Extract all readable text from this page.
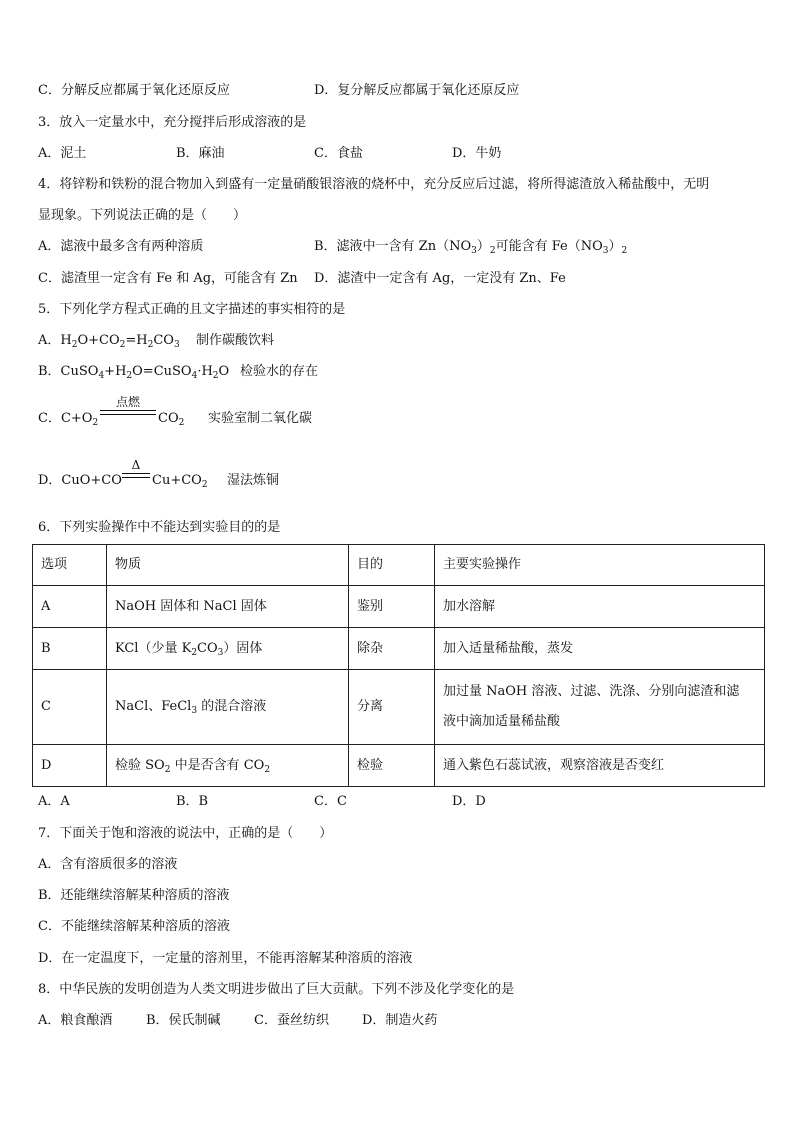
C．分解反应都属于氧化还原反应	D．复分解反应都属于氧化还原反应
3．放入一定量水中，充分搅拌后形成溶液的是
A．泥土	B．麻油	C．食盐	D．牛奶
4．将锌粉和铁粉的混合物加入到盛有一定量硝酸银溶液的烧杯中，充分反应后过滤，将所得滤渣放入稀盐酸中，无明
显现象。下列说法正确的是（　　）
A．滤液中最多含有两种溶质	B．滤液中一含有 $Zn(NO_3)_2$可能含有 $Fe(NO_3)_2$
C．滤渣里一定含有 Fe 和 Ag，可能含有 Zn D．滤渣中一定含有 Ag，一定没有 Zn、Fe
5．下列化学方程式正确的且文字描述的事实相符的是
A．$H_2O+CO_2=H_2CO_3$ 制作碳酸饮料
B．$CuSO_4+H_2O=CuSO_4\cdot H_2O$ 检验水的存在
C．$C+O_2$
点燃
$CO_2$ 实验室制二氧化碳
D．CuO+CO
Δ
$Cu+CO_2$ 湿法炼铜
6．下列实验操作中不能达到实验目的的是
选项	物质	目的	主要实验操作
A	NaOH 固体和 NaCl 固体	鉴别	加水溶解
B	KCl（少量 $K_2CO_3$）固体	除杂	加入适量稀盐酸，蒸发
C	NaCl、FeCl$_3$ 的混合溶液	分离	加过量 NaOH 溶液、过滤、洗涤、分别向滤渣和滤
液中滴加适量稀盐酸
D	检验 $SO_2$ 中是否含有 $CO_2$	检验	通入紫色石蕊试液，观察溶液是否变红
A．A	B．B	C．C	D．D
7．下面关于饱和溶液的说法中，正确的是（　　）
A．含有溶质很多的溶液
B．还能继续溶解某种溶质的溶液
C．不能继续溶解某种溶质的溶液
D．在一定温度下，一定量的溶剂里，不能再溶解某种溶质的溶液
8．中华民族的发明创造为人类文明进步做出了巨大贡献。下列不涉及化学变化的是
A．粮食酿酒	B．侯氏制碱	C．蚕丝纺织	D．制造火药
